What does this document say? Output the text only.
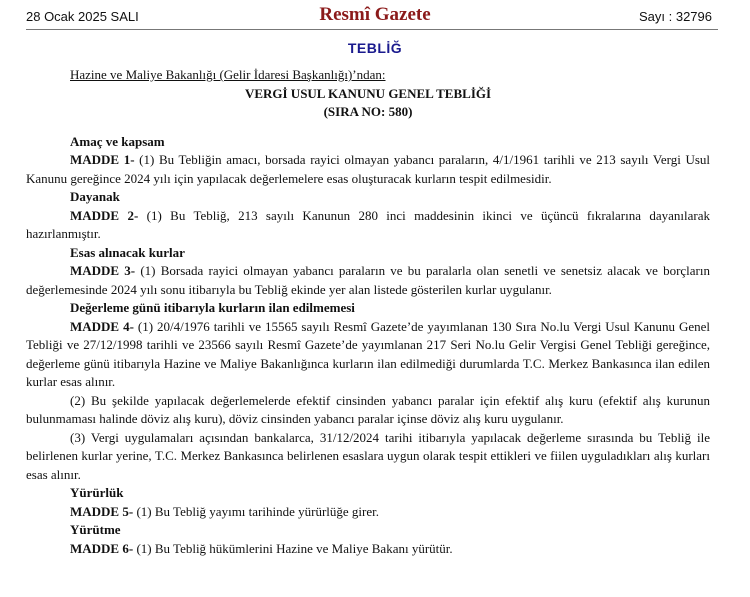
28 Ocak 2025 SALI	Resmî Gazete	Sayı : 32796
TEBLİĞ
Hazine ve Maliye Bakanlığı (Gelir İdaresi Başkanlığı)’ndan:
VERGİ USUL KANUNU GENEL TEBLİĞİ
(SIRA NO: 580)
Amaç ve kapsam
MADDE 1- (1) Bu Tebliğin amacı, borsada rayici olmayan yabancı paraların, 4/1/1961 tarihli ve 213 sayılı Vergi Usul Kanunu gereğince 2024 yılı için yapılacak değerlemelere esas oluşturacak kurların tespit edilmesidir.
Dayanak
MADDE 2- (1) Bu Tebliğ, 213 sayılı Kanunun 280 inci maddesinin ikinci ve üçüncü fıkralarına dayanılarak hazırlanmıştır.
Esas alınacak kurlar
MADDE 3- (1) Borsada rayici olmayan yabancı paraların ve bu paralarla olan senetli ve senetsiz alacak ve borçların değerlemesinde 2024 yılı sonu itibarıyla bu Tebliğ ekinde yer alan listede gösterilen kurlar uygulanır.
Değerleme günü itibarıyla kurların ilan edilmemesi
MADDE 4- (1) 20/4/1976 tarihli ve 15565 sayılı Resmî Gazete’de yayımlanan 130 Sıra No.lu Vergi Usul Kanunu Genel Tebliği ve 27/12/1998 tarihli ve 23566 sayılı Resmî Gazete’de yayımlanan 217 Seri No.lu Gelir Vergisi Genel Tebliği gereğince, değerleme günü itibarıyla Hazine ve Maliye Bakanlığınca kurların ilan edilmediği durumlarda T.C. Merkez Bankasınca ilan edilen kurlar esas alınır.
(2) Bu şekilde yapılacak değerlemelerde efektif cinsinden yabancı paralar için efektif alış kuru (efektif alış kurunun bulunmaması halinde döviz alış kuru), döviz cinsinden yabancı paralar içinse döviz alış kuru uygulanır.
(3) Vergi uygulamaları açısından bankalarca, 31/12/2024 tarihi itibarıyla yapılacak değerleme sırasında bu Tebliğ ile belirlenen kurlar yerine, T.C. Merkez Bankasınca belirlenen esaslara uygun olarak tespit ettikleri ve fiilen uyguladıkları alış kurları esas alınır.
Yürürlük
MADDE 5- (1) Bu Tebliğ yayımı tarihinde yürürlüğe girer.
Yürütme
MADDE 6- (1) Bu Tebliğ hükümlerini Hazine ve Maliye Bakanı yürütür.
